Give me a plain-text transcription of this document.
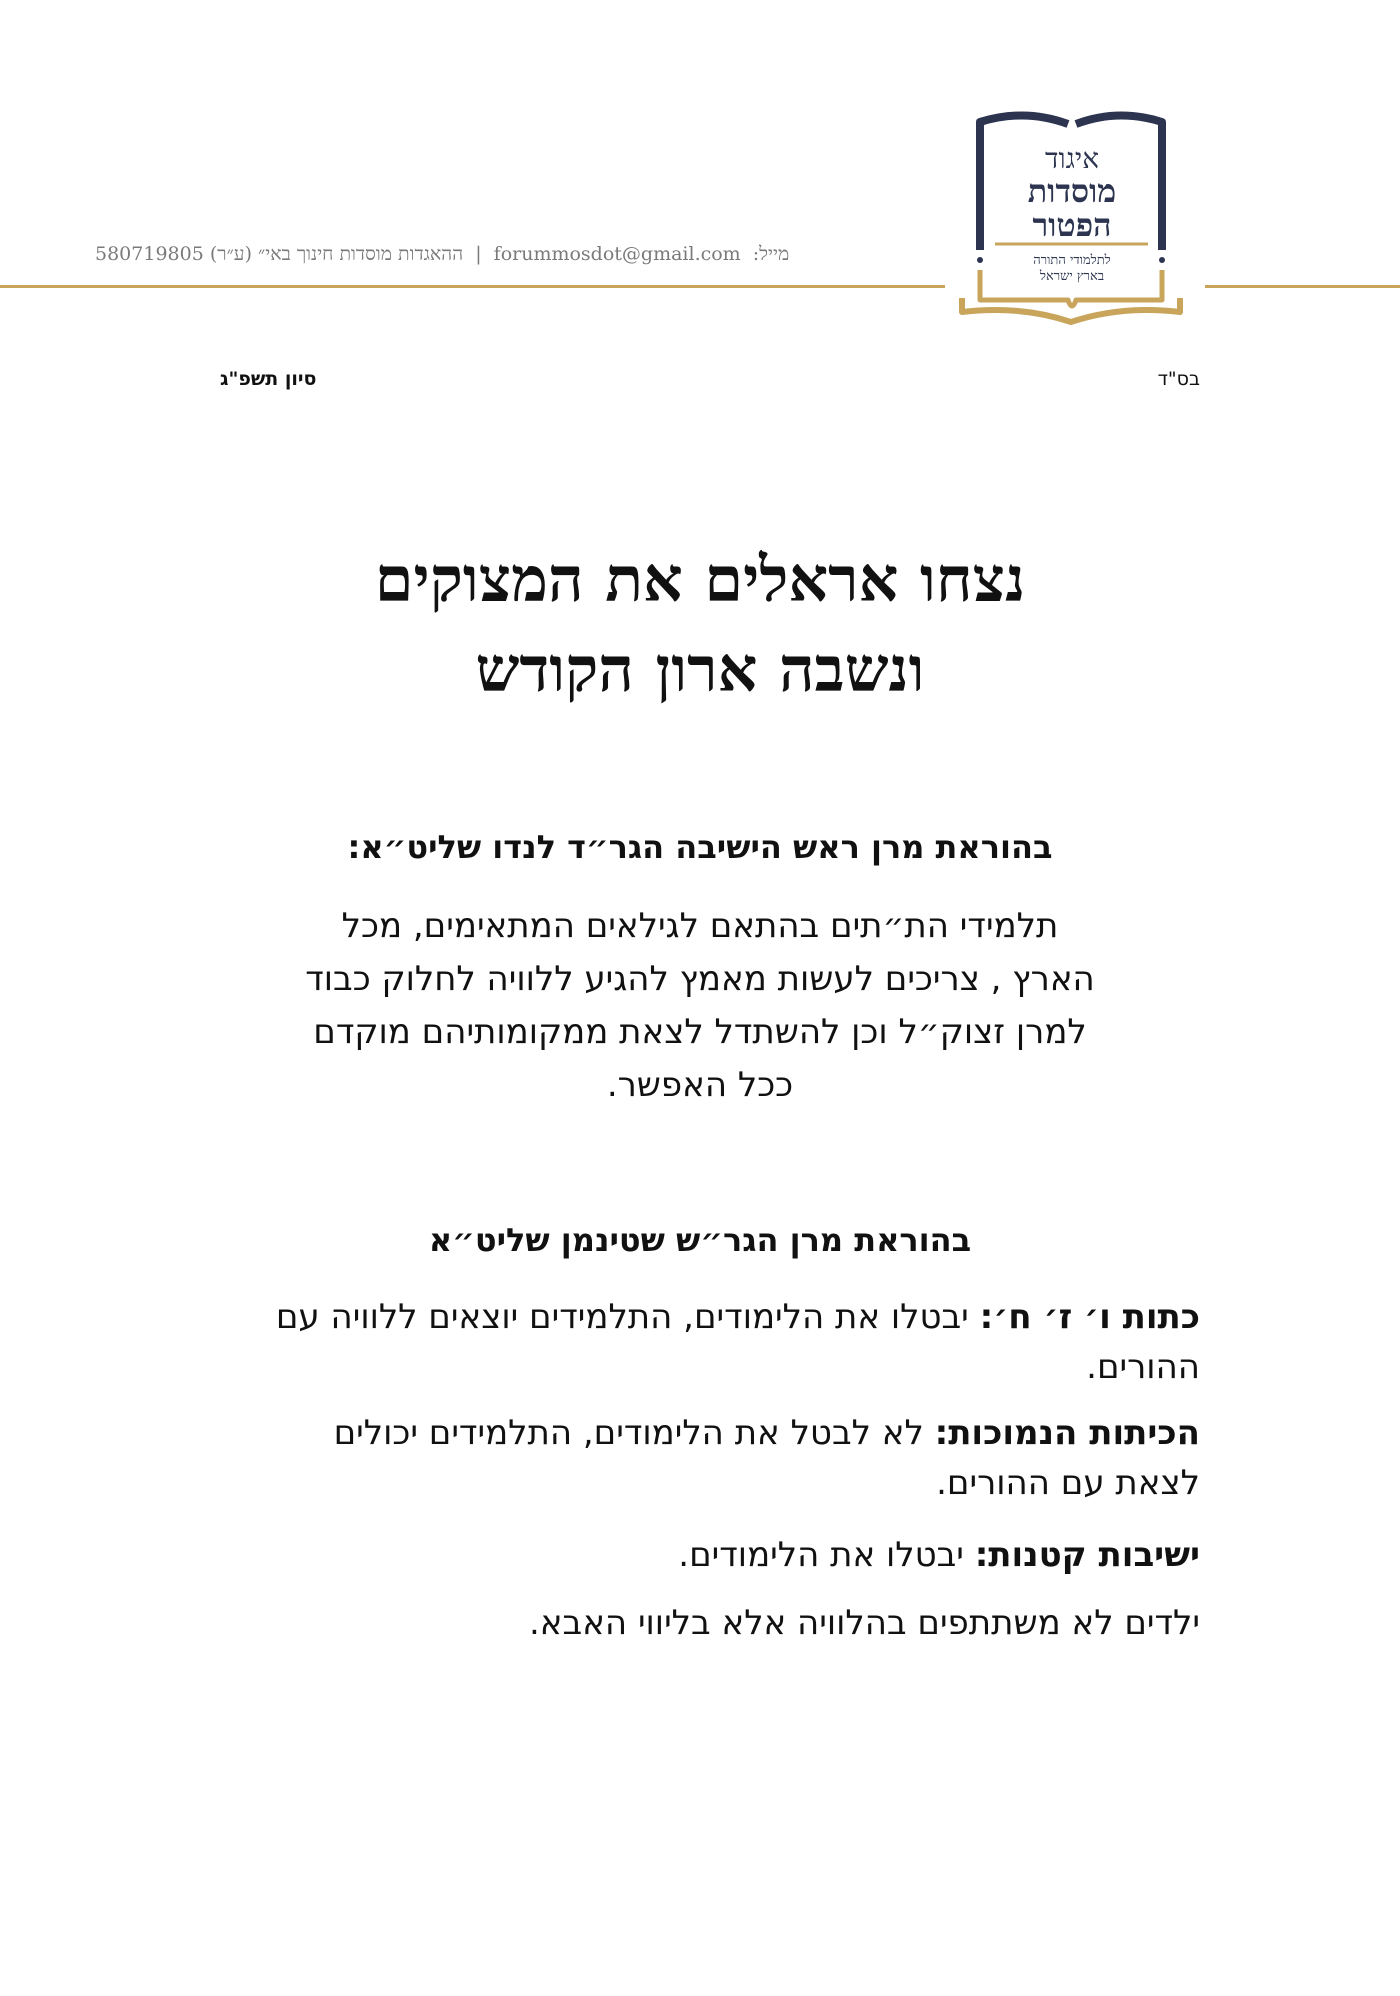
580719805 (ע״ר) ההאגדות מוסדות חינוך באי״ | forummosdot@gmail.com :מייל
איגוד
מוסדות
הפטור
לתלמודי התורה
בארץ ישראל
בס"ד
סיון תשפ"ג
נצחו אראלים את המצוקים
ונשבה ארון הקודש
בהוראת מרן ראש הישיבה הגר״ד לנדו שליט״א:
תלמידי הת״תים בהתאם לגילאים המתאימים, מכל
הארץ , צריכים לעשות מאמץ להגיע ללוויה לחלוק כבוד
למרן זצוק״ל וכן להשתדל לצאת ממקומותיהם מוקדם
ככל האפשר.
בהוראת מרן הגר״ש שטינמן שליט״א
כתות ו׳ ז׳ ח׳: יבטלו את הלימודים, התלמידים יוצאים ללוויה עם ההורים.
הכיתות הנמוכות: לא לבטל את הלימודים, התלמידים יכולים לצאת עם ההורים.
ישיבות קטנות: יבטלו את הלימודים.
ילדים לא משתתפים בהלוויה אלא בליווי האבא.
